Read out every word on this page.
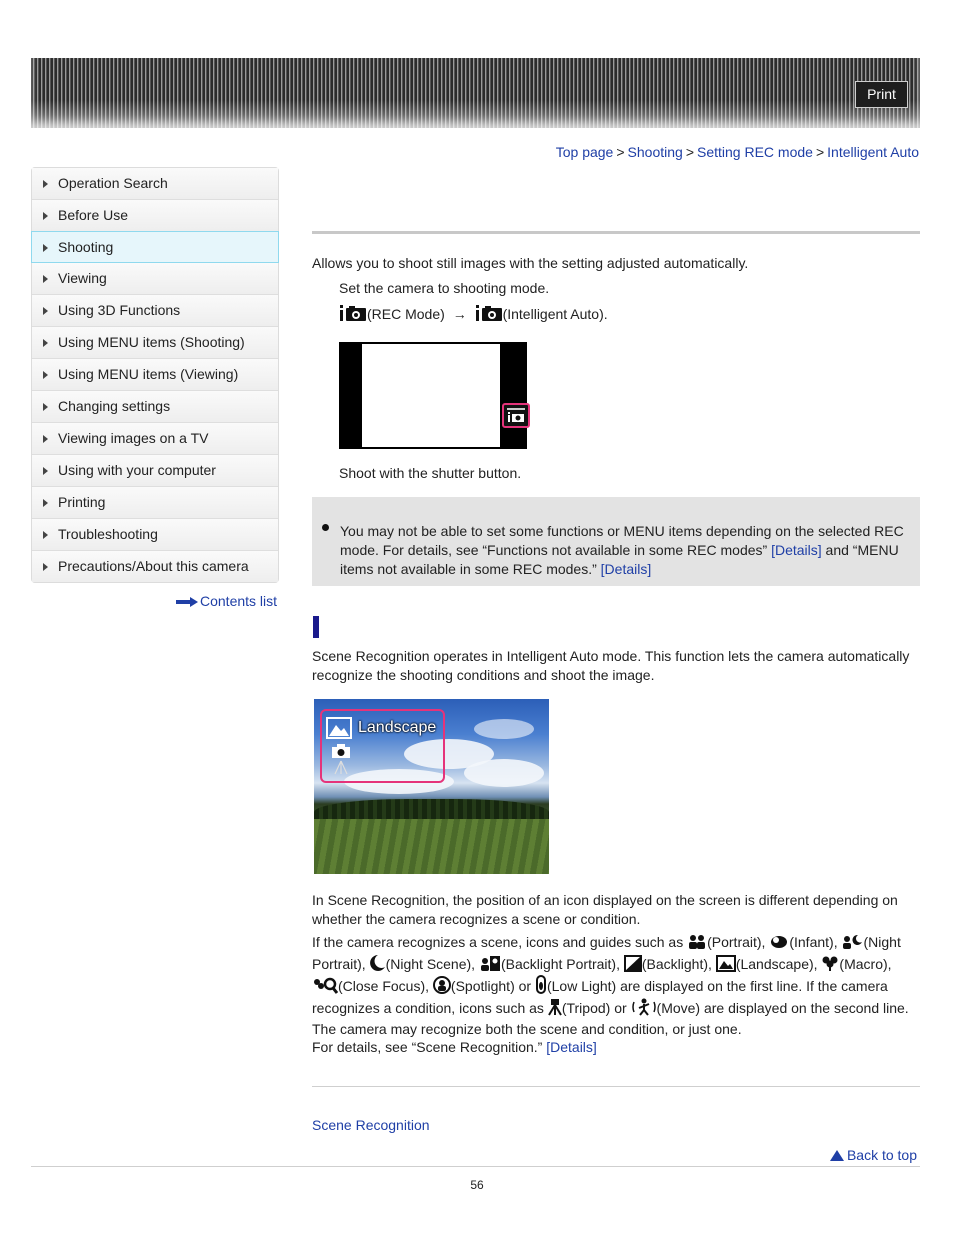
Print
Top page > Shooting > Setting REC mode > Intelligent Auto
Operation Search
Before Use
Shooting
Viewing
Using 3D Functions
Using MENU items (Shooting)
Using MENU items (Viewing)
Changing settings
Viewing images on a TV
Using with your computer
Printing
Troubleshooting
Precautions/About this camera
Contents list
Allows you to shoot still images with the setting adjusted automatically.
Set the camera to shooting mode.
(REC Mode) →	(Intelligent Auto).
Shoot with the shutter button.
You may not be able to set some functions or MENU items depending on the selected REC mode. For details, see “Functions not available in some REC modes” [Details] and “MENU items not available in some REC modes.” [Details]
Scene Recognition operates in Intelligent Auto mode. This function lets the camera automatically recognize the shooting conditions and shoot the image.
Landscape
In Scene Recognition, the position of an icon displayed on the screen is different depending on whether the camera recognizes a scene or condition.
If the camera recognizes a scene, icons and guides such as (Portrait), (Infant), (Night Portrait), (Night Scene), (Backlight Portrait), (Backlight), (Landscape), (Macro), (Close Focus), (Spotlight) or (Low Light) are displayed on the first line. If the camera recognizes a condition, icons such as (Tripod) or (Move) are displayed on the second line. The camera may recognize both the scene and condition, or just one.
For details, see “Scene Recognition.” [Details]
Scene Recognition
Back to top
56
